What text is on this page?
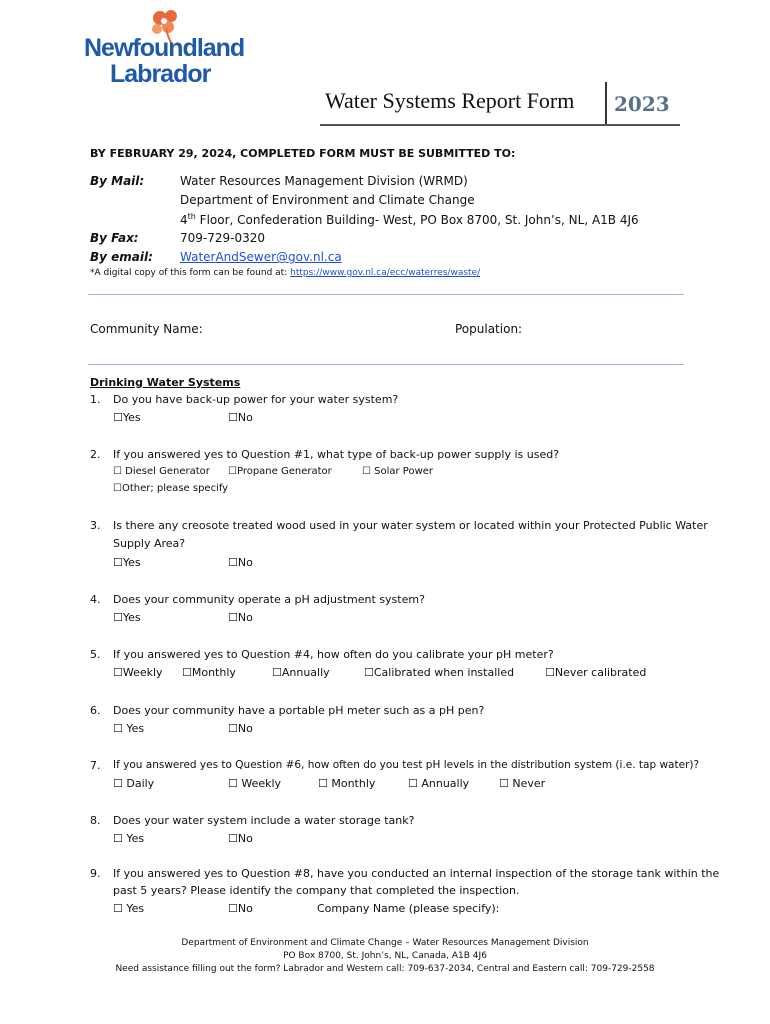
Newfoundland
Labrador
Water Systems Report Form 2023
BY FEBRUARY 29, 2024, COMPLETED FORM MUST BE SUBMITTED TO:
By Mail:	Water Resources Management Division (WRMD)
Department of Environment and Climate Change
4th Floor, Confederation Building- West, PO Box 8700, St. John’s, NL, A1B 4J6
By Fax:	709-729-0320
By email: WaterAndSewer@gov.nl.ca
*A digital copy of this form can be found at: https://www.gov.nl.ca/ecc/waterres/waste/
Community Name:	Population:
Drinking Water Systems
1. Do you have back-up power for your water system?
☐Yes	☐No
2. If you answered yes to Question #1, what type of back-up power supply is used?
☐ Diesel Generator ☐Propane Generator	☐ Solar Power
☐Other; please specify
3. Is there any creosote treated wood used in your water system or located within your Protected Public Water
Supply Area?
☐Yes	☐No
4. Does your community operate a pH adjustment system?
☐Yes	☐No
5. If you answered yes to Question #4, how often do you calibrate your pH meter?
☐Weekly ☐Monthly	☐Annually	☐Calibrated when installed	☐Never calibrated
6. Does your community have a portable pH meter such as a pH pen?
☐ Yes	☐No
7. If you answered yes to Question #6, how often do you test pH levels in the distribution system (i.e. tap water)?
☐ Daily	☐ Weekly	☐ Monthly	☐ Annually	☐ Never
8. Does your water system include a water storage tank?
☐ Yes	☐No
9. If you answered yes to Question #8, have you conducted an internal inspection of the storage tank within the
past 5 years? Please identify the company that completed the inspection.
☐ Yes	☐No	Company Name (please specify):
Department of Environment and Climate Change – Water Resources Management Division
PO Box 8700, St. John’s, NL, Canada, A1B 4J6
Need assistance filling out the form? Labrador and Western call: 709-637-2034, Central and Eastern call: 709-729-2558
